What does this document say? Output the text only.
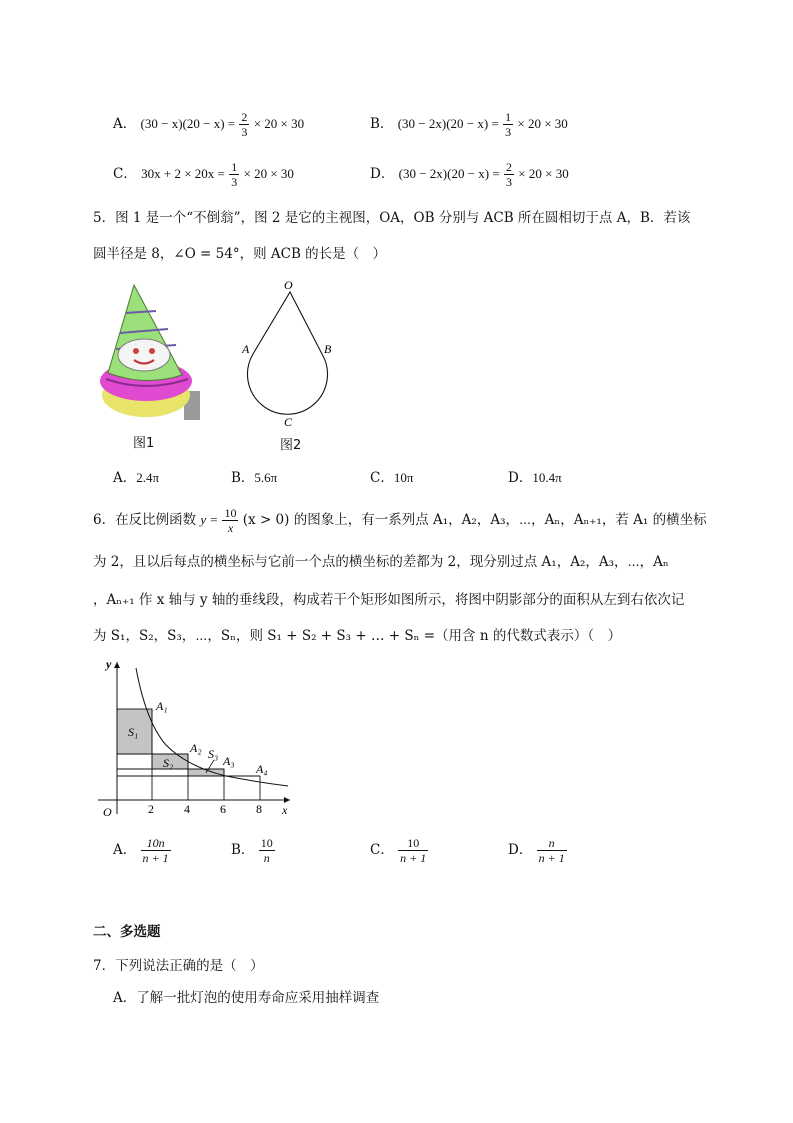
A． $(30 - x)(20 - x) = \frac{2}{3} \times 20 \times 30$	B． $(30 - 2x)(20 - x) = \frac{1}{3} \times 20 \times 30$
C． $30x + 2 \times 20x = \frac{1}{3} \times 20 \times 30$	D． $(30 - 2x)(20 - x) = \frac{2}{3} \times 20 \times 30$
5．图 1 是一个“不倒翁”，图 2 是它的主视图，OA，OB 分别与 ACB 所在圆相切于点 A，B．若该
圆半径是 8，∠O = 54°，则 ACB 的长是（　）
图1
O
A	B
C
图2
A．2.4π	B．5.6π	C．10π	D．10.4π
6．在反比例函数 $y = \frac{10}{x} (x > 0)$ 的图象上，有一系列点 A₁，A₂，A₃，⋯，Aₙ，Aₙ₊₁，若 A₁ 的横坐标
为 2，且以后每点的横坐标与它前一个点的横坐标的差都为 2，现分别过点 A₁，A₂，A₃，⋯，Aₙ
，Aₙ₊₁ 作 x 轴与 y 轴的垂线段，构成若干个矩形如图所示，将图中阴影部分的面积从左到右依次记
为 S₁，S₂，S₃，⋯，Sₙ，则 S₁ + S₂ + S₃ + … + Sₙ =（用含 n 的代数式表示）（　）
y
x
O
A₁
A₂
A₃
A₄
S₁
S₂
S₃
2	4	6	8
A． $\frac{10n}{n + 1}$	B． $\frac{10}{n}$	C． $\frac{10}{n + 1}$	D． $\frac{n}{n + 1}$
二、多选题
7．下列说法正确的是（　）
A．了解一批灯泡的使用寿命应采用抽样调查
